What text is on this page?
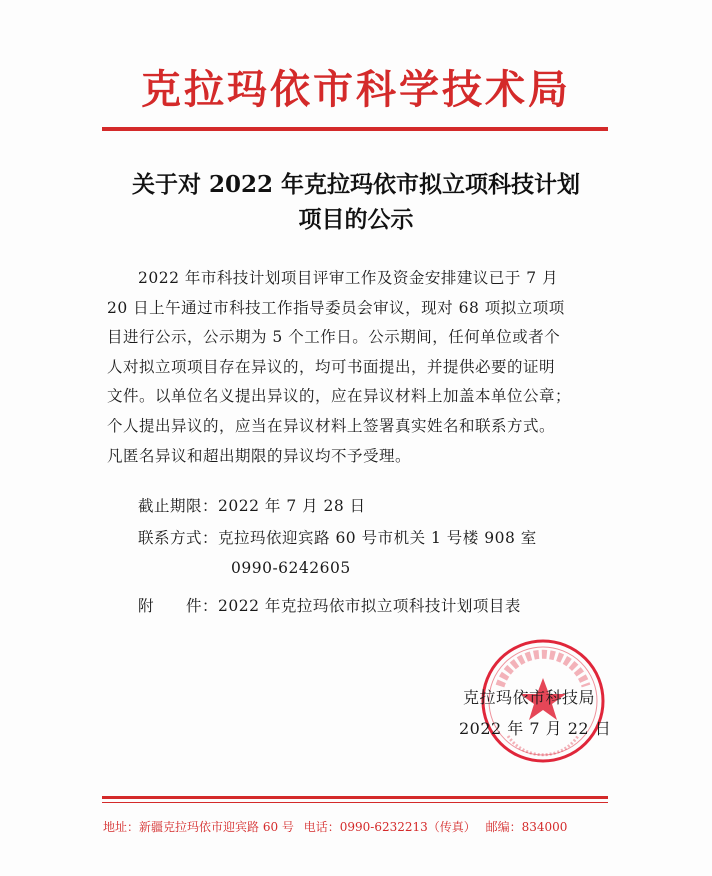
克拉玛依市科学技术局
关于对 2022 年克拉玛依市拟立项科技计划
项目的公示
2022 年市科技计划项目评审工作及资金安排建议已于 7 月
20 日上午通过市科技工作指导委员会审议，现对 68 项拟立项项
目进行公示，公示期为 5 个工作日。公示期间，任何单位或者个
人对拟立项项目存在异议的，均可书面提出，并提供必要的证明
文件。以单位名义提出异议的，应在异议材料上加盖本单位公章；
个人提出异议的，应当在异议材料上签署真实姓名和联系方式。
凡匿名异议和超出期限的异议均不予受理。
截止期限：2022 年 7 月 28 日
联系方式：克拉玛依迎宾路 60 号市机关 1 号楼 908 室
0990-6242605
附　　件：2022 年克拉玛依市拟立项科技计划项目表
克拉玛依市科技局
2022 年 7 月 22 日
地址：新疆克拉玛依市迎宾路 60 号 电话：0990-6232213（传真） 邮编：834000
